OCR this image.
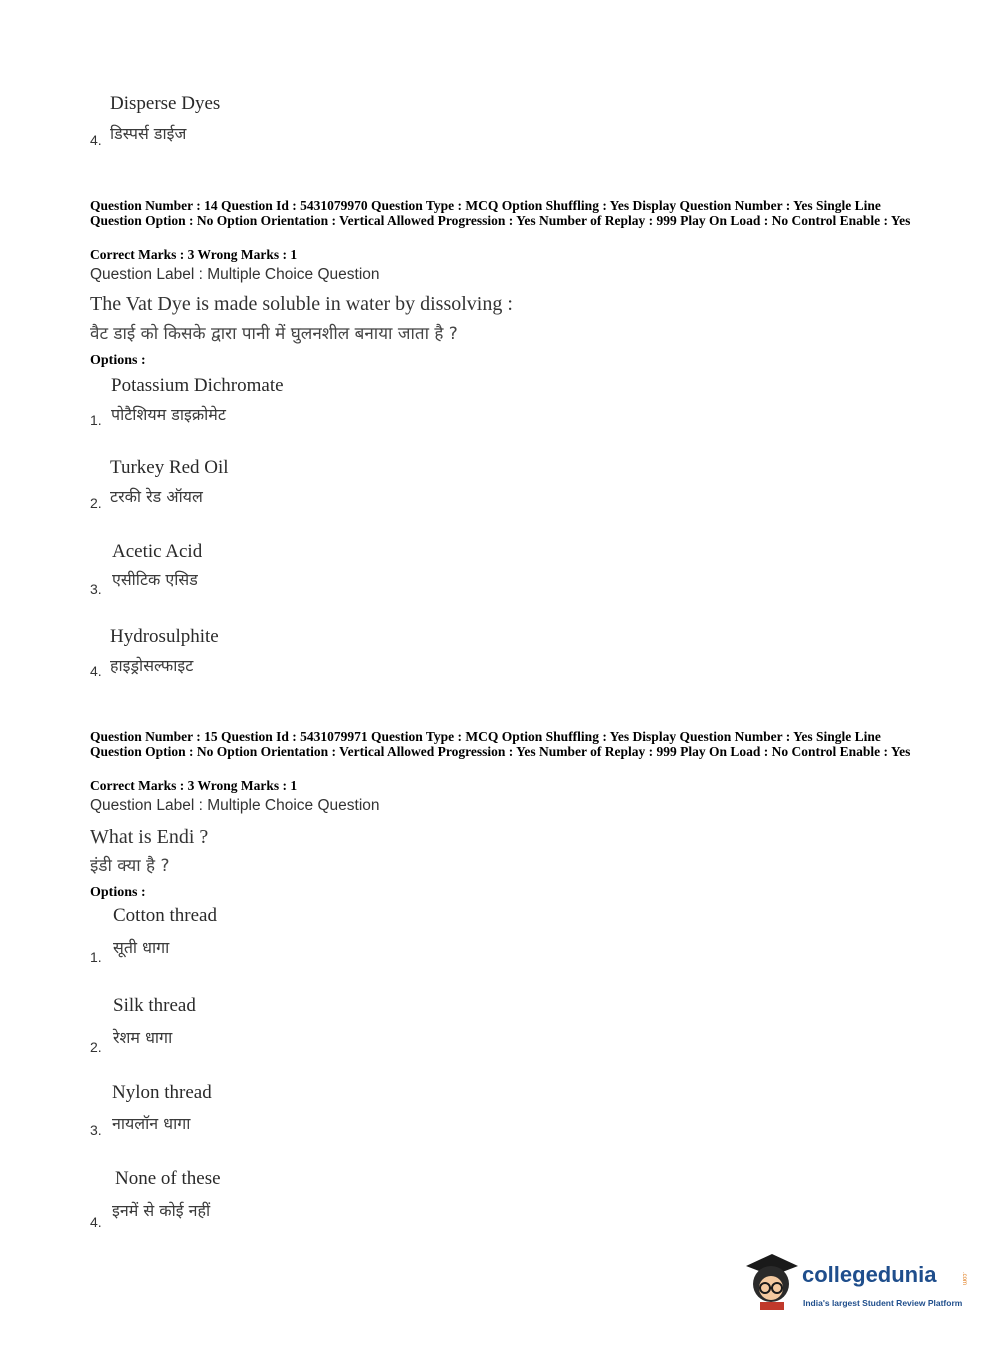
Disperse Dyes
डिस्पर्स डाईज
4.
Question Number : 14 Question Id : 5431079970 Question Type : MCQ Option Shuffling : Yes Display Question Number : Yes Single Line Question Option : No Option Orientation : Vertical Allowed Progression : Yes Number of Replay : 999 Play On Load : No Control Enable : Yes
Correct Marks : 3 Wrong Marks : 1
Question Label : Multiple Choice Question
The Vat Dye is made soluble in water by dissolving :
वैट डाई को किसके द्वारा पानी में घुलनशील बनाया जाता है ?
Options :
Potassium Dichromate
पोटैशियम डाइक्रोमेट
1.
Turkey Red Oil
टरकी रेड ऑयल
2.
Acetic Acid
एसीटिक एसिड
3.
Hydrosulphite
हाइड्रोसल्फाइट
4.
Question Number : 15 Question Id : 5431079971 Question Type : MCQ Option Shuffling : Yes Display Question Number : Yes Single Line Question Option : No Option Orientation : Vertical Allowed Progression : Yes Number of Replay : 999 Play On Load : No Control Enable : Yes
Correct Marks : 3 Wrong Marks : 1
Question Label : Multiple Choice Question
What is Endi ?
इंडी क्या है ?
Options :
Cotton thread
सूती धागा
1.
Silk thread
रेशम धागा
2.
Nylon thread
नायलॉन धागा
3.
None of these
इनमें से कोई नहीं
4.
collegedunia	.com
India's largest Student Review Platform
